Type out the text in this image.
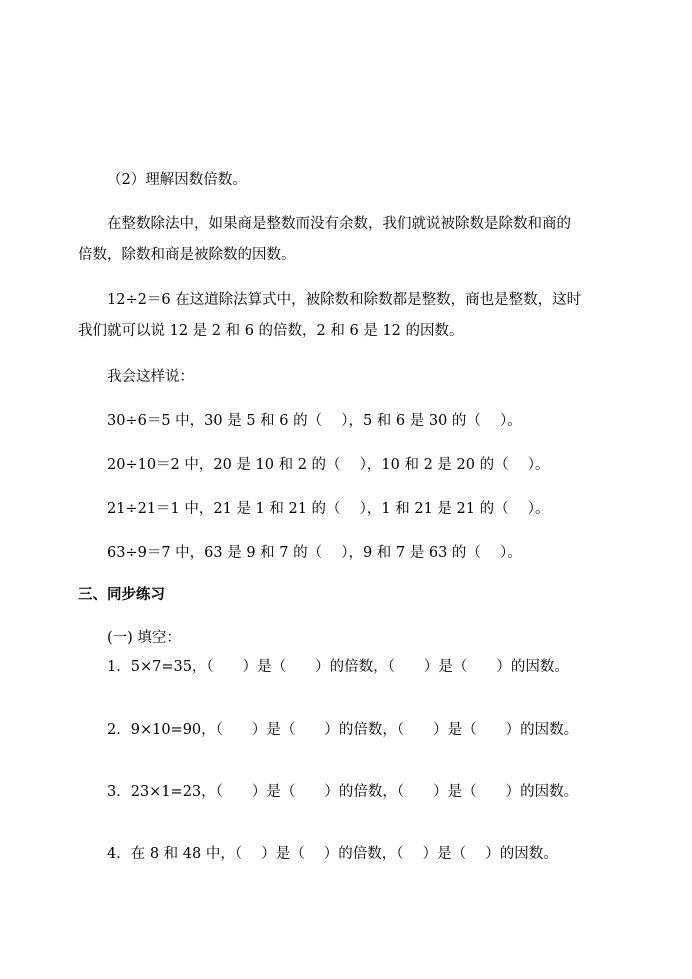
（2）理解因数倍数。

在整数除法中，如果商是整数而没有余数，我们就说被除数是除数和商的

倍数，除数和商是被除数的因数。

12÷2＝6 在这道除法算式中，被除数和除数都是整数，商也是整数，这时

我们就可以说 12 是 2 和 6 的倍数，2 和 6 是 12 的因数。

我会这样说：

30÷6＝5 中，30 是 5 和 6 的（　 ），5 和 6 是 30 的（　 ）。

20÷10＝2 中，20 是 10 和 2 的（　 ），10 和 2 是 20 的（　 ）。

21÷21＝1 中，21 是 1 和 21 的（　 ），1 和 21 是 21 的（　 ）。

63÷9＝7 中，63 是 9 和 7 的（　 ），9 和 7 是 63 的（　 ）。

三、同步练习

(一) 填空：

1．5×7=35，（　　）是（　　）的倍数，（　　）是（　　）的因数。

2．9×10=90，（　　）是（　　）的倍数，（　　）是（　　）的因数。

3．23×1=23，（　　）是（　　）的倍数，（　　）是（　　）的因数。

4．在 8 和 48 中，（　 ）是（　 ）的倍数，（　 ）是（　 ）的因数。
